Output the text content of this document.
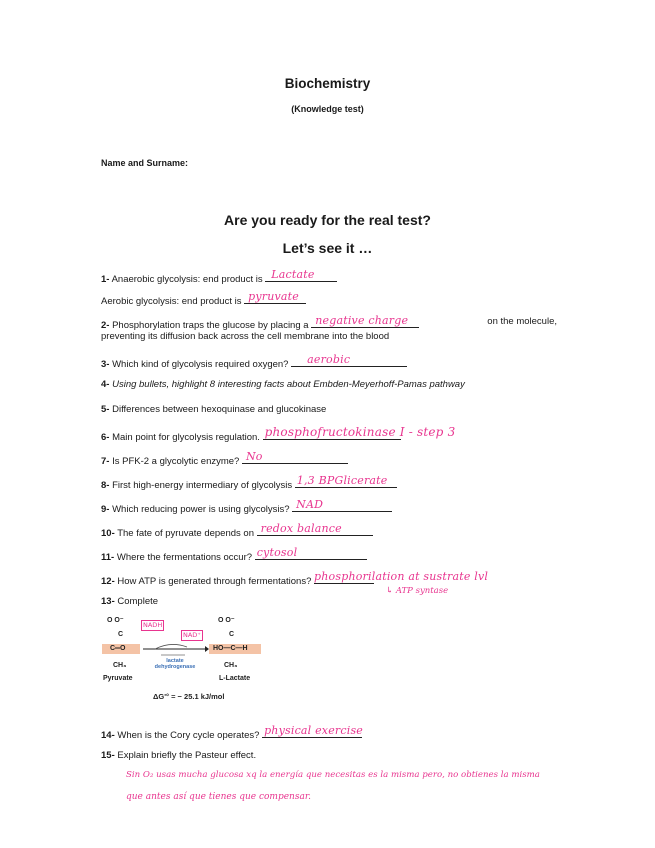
Biochemistry
(Knowledge test)
Name and Surname:
Are you ready for the real test?
Let’s see it …
1- Anaerobic glycolysis: end product is Lactate
Aerobic glycolysis: end product is pyruvate
2- Phosphorylation traps the glucose by placing a negative charge	on the molecule,
preventing its diffusion back across the cell membrane into the blood
3- Which kind of glycolysis required oxygen? aerobic
4- Using bullets, highlight 8 interesting facts about Embden-Meyerhoff-Pamas pathway
5- Differences between hexoquinase and glucokinase
6- Main point for glycolysis regulation. phosphofructokinase I - step 3
7- Is PFK-2 a glycolytic enzyme? No
8- First high-energy intermediary of glycolysis 1,3 BPGlicerate
9- Which reducing power is using glycolysis? NAD
10- The fate of pyruvate depends on redox balance
11- Where the fermentations occur? cytosol
12- How ATP is generated through fermentations? phosphorilation at sustrate lvl
↳ ATP syntase
13- Complete
O O⁻
C
C═O
CH₃
Pyruvate
NADH
NAD⁺
lactate
dehydrogenase
O O⁻
C
HO—C—H
CH₃
L-Lactate
ΔG'° = − 25.1 kJ/mol
14- When is the Cory cycle operates? physical exercise
15- Explain briefly the Pasteur effect.
Sin O₂ usas mucha glucosa xq la energía que necesitas es la misma pero, no obtienes la misma
que antes así que tienes que compensar.
